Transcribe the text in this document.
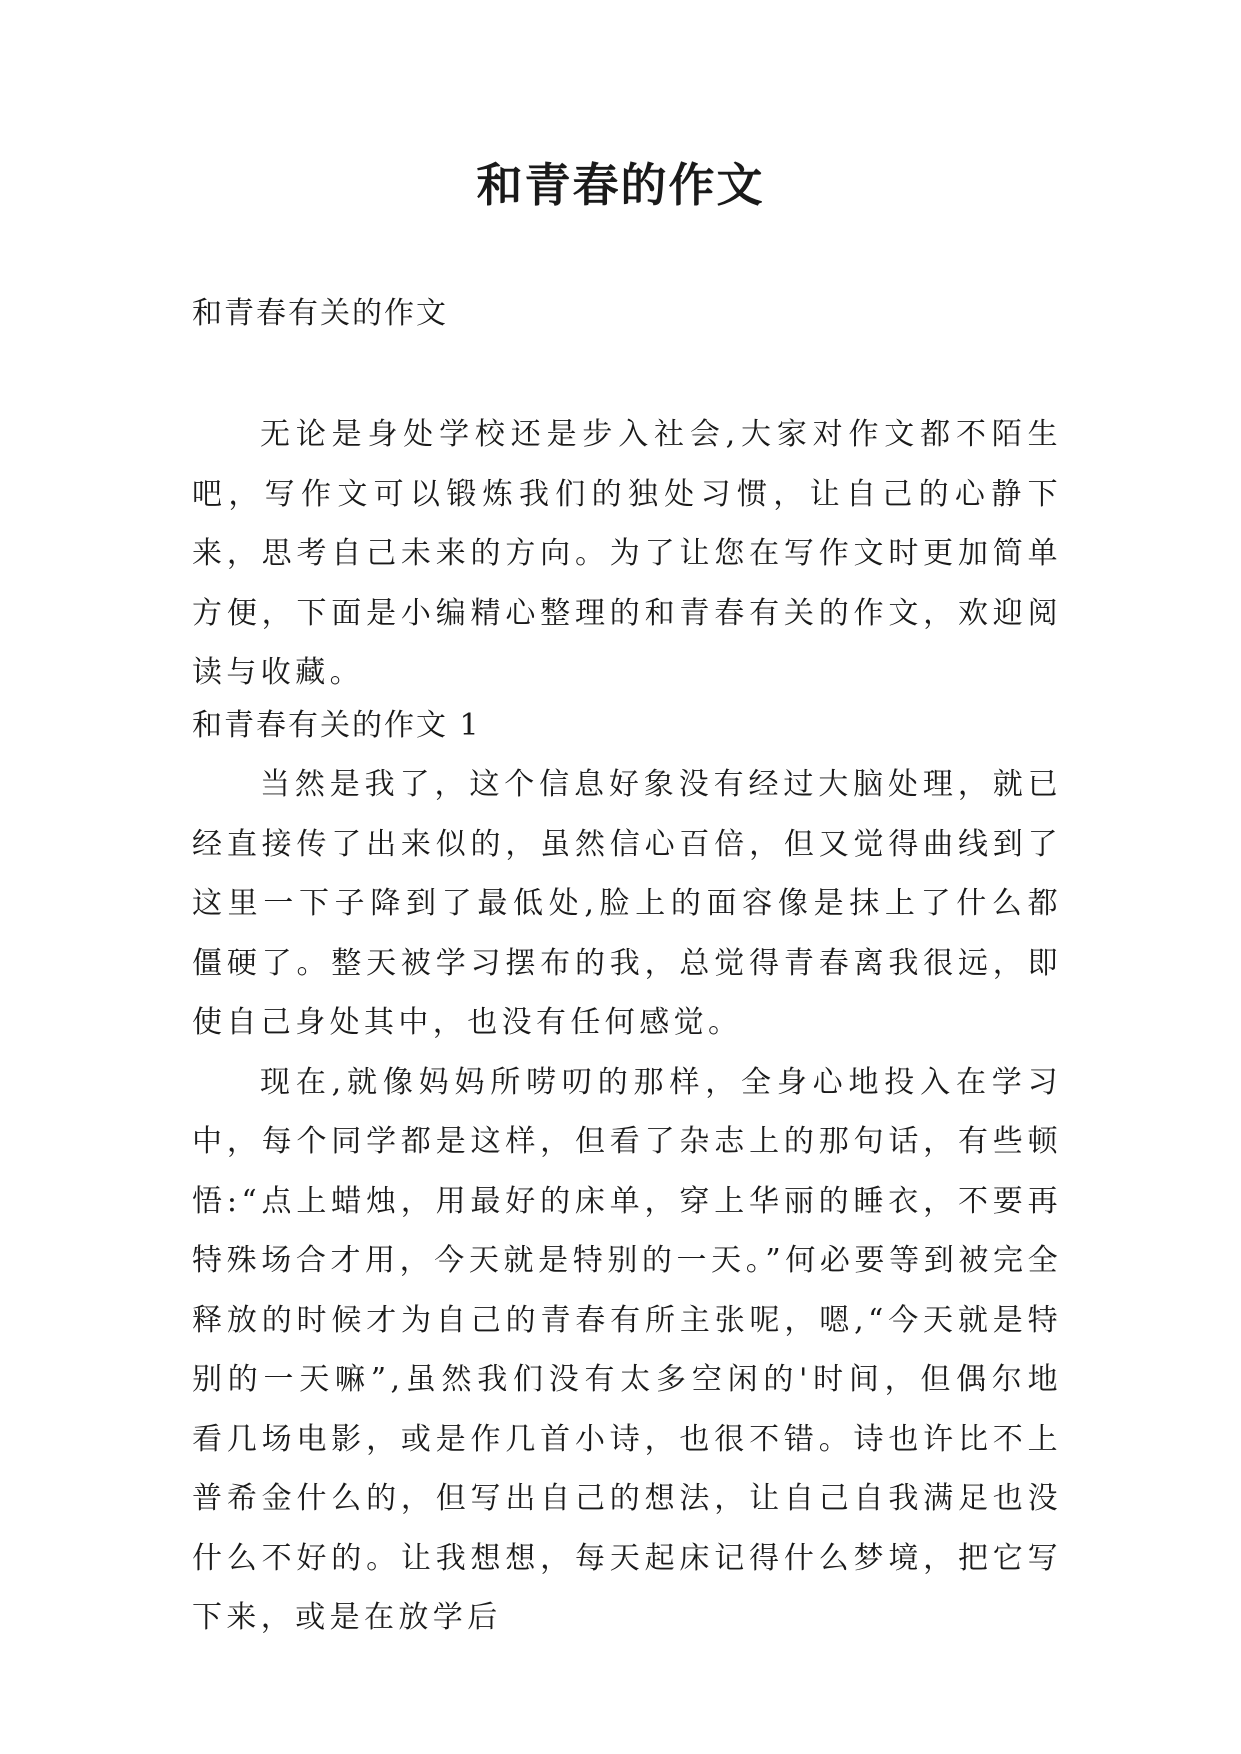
和青春的作文
和青春有关的作文

无论是身处学校还是步入社会,大家对作文都不陌生吧，写作文可以锻炼我们的独处习惯，让自己的心静下来，思考自己未来的方向。为了让您在写作文时更加简单方便，下面是小编精心整理的和青春有关的作文，欢迎阅读与收藏。

和青春有关的作文 1

当然是我了，这个信息好象没有经过大脑处理，就已经直接传了出来似的，虽然信心百倍，但又觉得曲线到了这里一下子降到了最低处,脸上的面容像是抹上了什么都僵硬了。整天被学习摆布的我，总觉得青春离我很远，即使自己身处其中，也没有任何感觉。

现在,就像妈妈所唠叨的那样，全身心地投入在学习中，每个同学都是这样，但看了杂志上的那句话，有些顿悟:“点上蜡烛，用最好的床单，穿上华丽的睡衣，不要再特殊场合才用，今天就是特别的一天。”何必要等到被完全释放的时候才为自己的青春有所主张呢，嗯,“今天就是特别的一天嘛”,虽然我们没有太多空闲的'时间，但偶尔地看几场电影，或是作几首小诗，也很不错。诗也许比不上普希金什么的，但写出自己的想法，让自己自我满足也没什么不好的。让我想想，每天起床记得什么梦境，把它写下来，或是在放学后
